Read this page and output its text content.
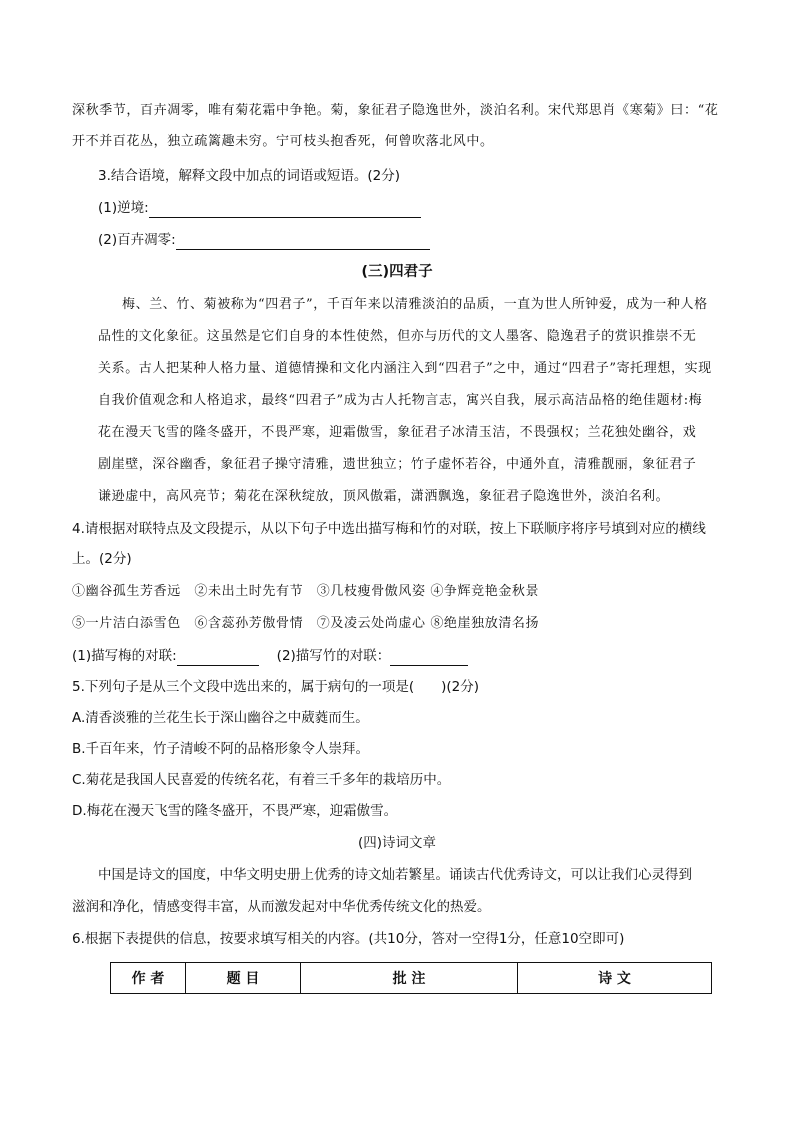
深秋季节，百卉凋零，唯有菊花霜中争艳。菊，象征君子隐逸世外，淡泊名利。宋代郑思肖《寒菊》曰：“花
开不并百花丛，独立疏篱趣未穷。宁可枝头抱香死，何曾吹落北风中。
3.结合语境，解释文段中加点的词语或短语。(2分)
(1)逆境:
(2)百卉凋零:
(三)四君子
梅、兰、竹、菊被称为“四君子”，千百年来以清雅淡泊的品质，一直为世人所钟爱，成为一种人格
品性的文化象征。这虽然是它们自身的本性使然，但亦与历代的文人墨客、隐逸君子的赏识推崇不无
关系。古人把某种人格力量、道德情操和文化内涵注入到“四君子”之中，通过“四君子”寄托理想，实现
自我价值观念和人格追求，最终“四君子”成为古人托物言志，寓兴自我，展示高洁品格的绝佳题材:梅
花在漫天飞雪的隆冬盛开，不畏严寒，迎霜傲雪，象征君子冰清玉洁，不畏强权；兰花独处幽谷，戏
剧崖壁，深谷幽香，象征君子操守清雅，遗世独立；竹子虚怀若谷，中通外直，清雅靓丽，象征君子
谦逊虚中，高风亮节；菊花在深秋绽放，顶风傲霜，潇洒飘逸，象征君子隐逸世外，淡泊名利。
4.请根据对联特点及文段提示，从以下句子中选出描写梅和竹的对联，按上下联顺序将序号填到对应的横线
上。(2分)
①幽谷孤生芳香远　②未出土时先有节　③几枝瘦骨傲风姿 ④争辉竞艳金秋景
⑤一片洁白添雪色　⑥含蕊孙芳傲骨情　⑦及凌云处尚虚心 ⑧绝崖独放清名扬
(1)描写梅的对联:	(2)描写竹的对联：
5.下列句子是从三个文段中选出来的，属于病句的一项是(　　)(2分)
A.清香淡雅的兰花生长于深山幽谷之中葳蕤而生。
B.千百年来，竹子清峻不阿的品格形象令人崇拜。
C.菊花是我国人民喜爱的传统名花，有着三千多年的栽培历中。
D.梅花在漫天飞雪的隆冬盛开，不畏严寒，迎霜傲雪。
(四)诗词文章
中国是诗文的国度，中华文明史册上优秀的诗文灿若繁星。诵读古代优秀诗文，可以让我们心灵得到
滋润和净化，情感变得丰富，从而激发起对中华优秀传统文化的热爱。
6.根据下表提供的信息，按要求填写相关的内容。(共10分，答对一空得1分，任意10空即可)
作 者	题 目	批 注	诗 文
